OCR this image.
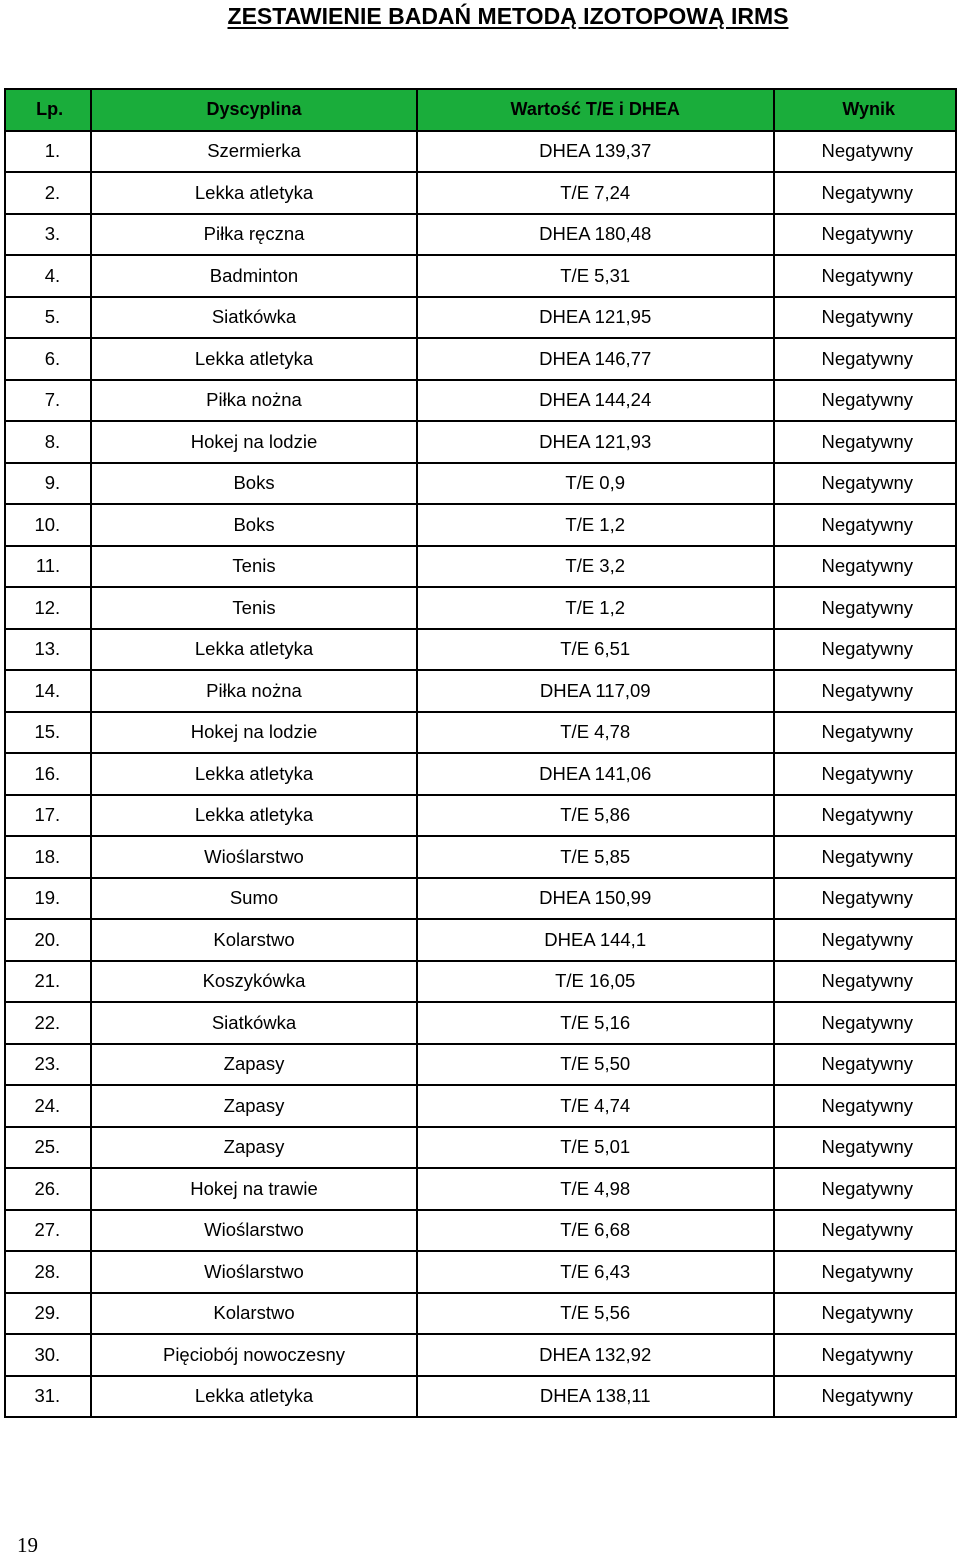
ZESTAWIENIE BADAŃ METODĄ IZOTOPOWĄ IRMS
Lp.	Dyscyplina	Wartość T/E i DHEA	Wynik
1.	Szermierka	DHEA 139,37	Negatywny
2.	Lekka atletyka	T/E 7,24	Negatywny
3.	Piłka ręczna	DHEA 180,48	Negatywny
4.	Badminton	T/E 5,31	Negatywny
5.	Siatkówka	DHEA 121,95	Negatywny
6.	Lekka atletyka	DHEA 146,77	Negatywny
7.	Piłka nożna	DHEA 144,24	Negatywny
8.	Hokej na lodzie	DHEA 121,93	Negatywny
9.	Boks	T/E 0,9	Negatywny
10.	Boks	T/E 1,2	Negatywny
11.	Tenis	T/E 3,2	Negatywny
12.	Tenis	T/E 1,2	Negatywny
13.	Lekka atletyka	T/E 6,51	Negatywny
14.	Piłka nożna	DHEA 117,09	Negatywny
15.	Hokej na lodzie	T/E 4,78	Negatywny
16.	Lekka atletyka	DHEA 141,06	Negatywny
17.	Lekka atletyka	T/E 5,86	Negatywny
18.	Wioślarstwo	T/E 5,85	Negatywny
19.	Sumo	DHEA 150,99	Negatywny
20.	Kolarstwo	DHEA 144,1	Negatywny
21.	Koszykówka	T/E 16,05	Negatywny
22.	Siatkówka	T/E 5,16	Negatywny
23.	Zapasy	T/E 5,50	Negatywny
24.	Zapasy	T/E 4,74	Negatywny
25.	Zapasy	T/E 5,01	Negatywny
26.	Hokej na trawie	T/E 4,98	Negatywny
27.	Wioślarstwo	T/E 6,68	Negatywny
28.	Wioślarstwo	T/E 6,43	Negatywny
29.	Kolarstwo	T/E 5,56	Negatywny
30.	Pięciobój nowoczesny	DHEA 132,92	Negatywny
31.	Lekka atletyka	DHEA 138,11	Negatywny
19
